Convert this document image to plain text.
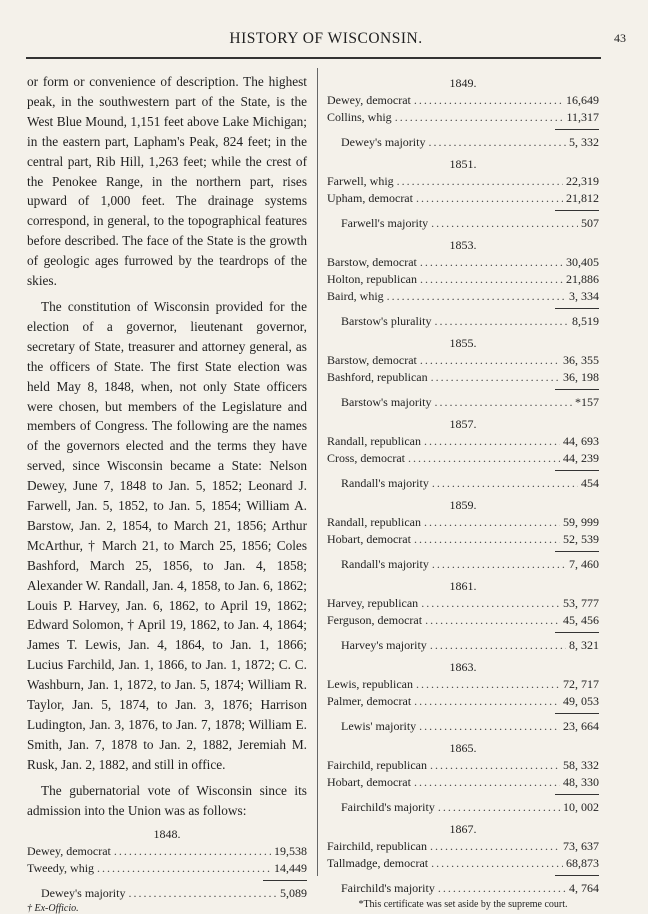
HISTORY OF WISCONSIN.	43

or form or convenience of description. The highest peak, in the southwestern part of the State, is the West Blue Mound, 1,151 feet above Lake Michigan; in the eastern part, Lapham's Peak, 824 feet; in the central part, Rib Hill, 1,263 feet; while the crest of the Penokee Range, in the northern part, rises upward of 1,000 feet. The drainage systems correspond, in general, to the topographical features before described. The face of the State is the growth of geologic ages furrowed by the teardrops of the skies.

The constitution of Wisconsin provided for the election of a governor, lieutenant governor, secretary of State, treasurer and attorney general, as the officers of State. The first State election was held May 8, 1848, when, not only State officers were chosen, but members of the Legislature and members of Congress. The following are the names of the governors elected and the terms they have served, since Wisconsin became a State: Nelson Dewey, June 7, 1848 to Jan. 5, 1852; Leonard J. Farwell, Jan. 5, 1852, to Jan. 5, 1854; William A. Barstow, Jan. 2, 1854, to March 21, 1856; Arthur McArthur, † March 21, to March 25, 1856; Coles Bashford, March 25, 1856, to Jan. 4, 1858; Alexander W. Randall, Jan. 4, 1858, to Jan. 6, 1862; Louis P. Harvey, Jan. 6, 1862, to April 19, 1862; Edward Solomon, † April 19, 1862, to Jan. 4, 1864; James T. Lewis, Jan. 4, 1864, to Jan. 1, 1866; Lucius Farchild, Jan. 1, 1866, to Jan. 1, 1872; C. C. Washburn, Jan. 1, 1872, to Jan. 5, 1874; William R. Taylor, Jan. 5, 1874, to Jan. 3, 1876; Harrison Ludington, Jan. 3, 1876, to Jan. 7, 1878; William E. Smith, Jan. 7, 1878 to Jan. 2, 1882, Jeremiah M. Rusk, Jan. 2, 1882, and still in office.

The gubernatorial vote of Wisconsin since its admission into the Union was as follows:

1848.
Dewey, democrat .....	19,538
Tweedy, whig .....	14,449
Dewey's majority .....	5,089
† Ex-Officio.
1849.
Dewey, democrat .....	16,649
Collins, whig .....	11,317
Dewey's majority .....	5, 332
1851.
Farwell, whig .....	22,319
Upham, democrat .....	21,812
Farwell's majority .....	507
1853.
Barstow, democrat .....	30,405
Holton, republican .....	21,886
Baird, whig .....	3, 334
Barstow's plurality .....	8,519
1855.
Barstow, democrat .....	36, 355
Bashford, republican .....	36, 198
Barstow's majority .....	*157
1857.
Randall, republican .....	44, 693
Cross, democrat .....	44, 239
Randall's majority .....	454
1859.
Randall, republican .....	59, 999
Hobart, democrat .....	52, 539
Randall's majority .....	7, 460
1861.
Harvey, republican .....	53, 777
Ferguson, democrat .....	45, 456
Harvey's majority .....	8, 321
1863.
Lewis, republican .....	72, 717
Palmer, democrat .....	49, 053
Lewis' majority .....	23, 664
1865.
Fairchild, republican .....	58, 332
Hobart, democrat .....	48, 330
Fairchild's majority .....	10, 002
1867.
Fairchild, republican .....	73, 637
Tallmadge, democrat .....	68,873
Fairchild's majority .....	4, 764
*This certificate was set aside by the supreme court.
